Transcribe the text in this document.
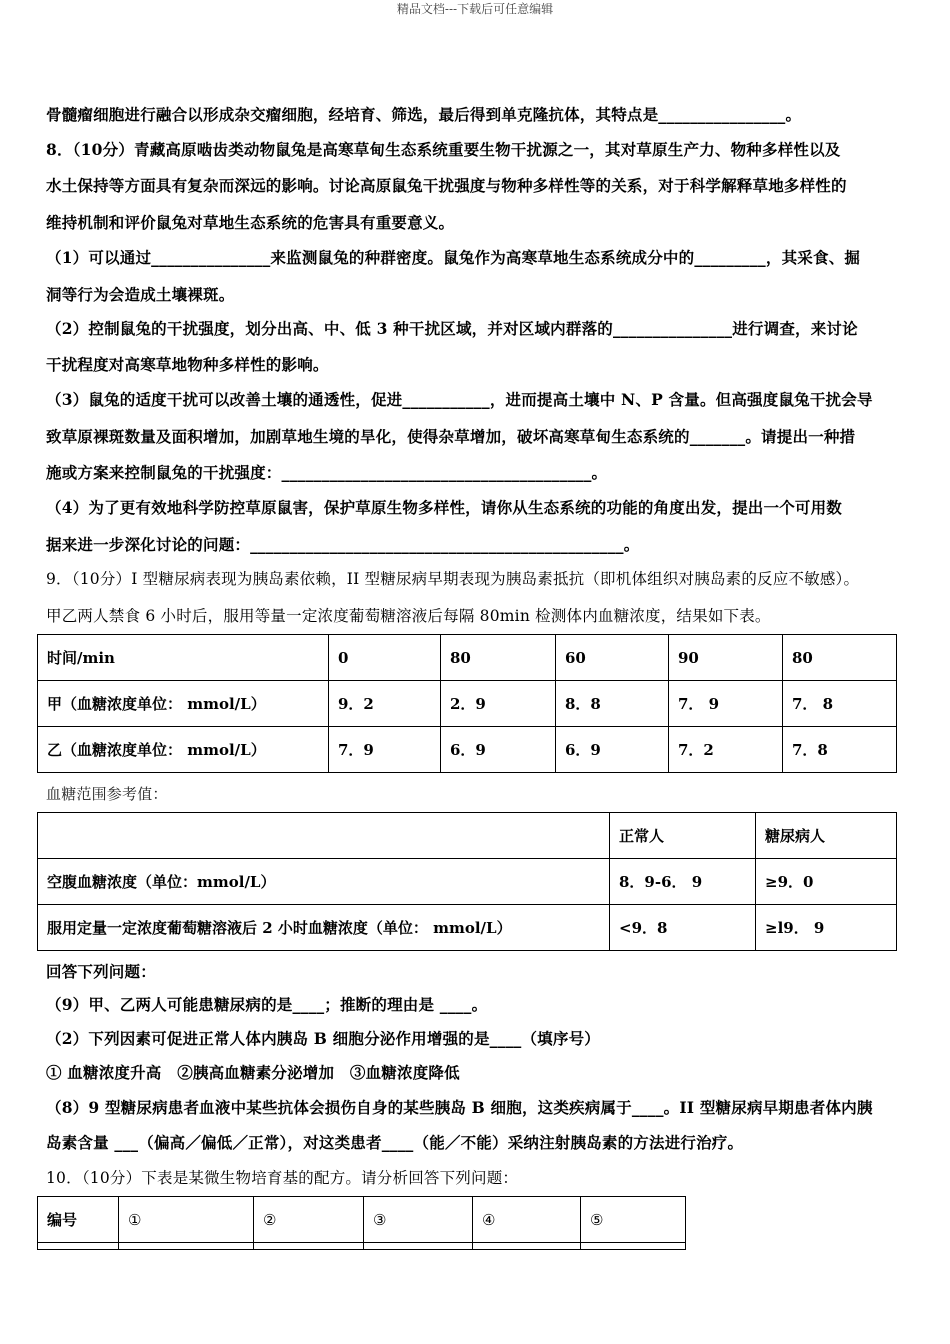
精品文档---下载后可任意编辑
骨髓瘤细胞进行融合以形成杂交瘤细胞，经培育、筛选，最后得到单克隆抗体，其特点是________________。
8．（10分）青藏高原啮齿类动物鼠兔是高寒草甸生态系统重要生物干扰源之一，其对草原生产力、物种多样性以及
水土保持等方面具有复杂而深远的影响。讨论高原鼠兔干扰强度与物种多样性等的关系，对于科学解释草地多样性的
维持机制和评价鼠兔对草地生态系统的危害具有重要意义。
（1）可以通过_______________来监测鼠兔的种群密度。鼠兔作为高寒草地生态系统成分中的_________，其采食、掘
洞等行为会造成土壤裸斑。
（2）控制鼠兔的干扰强度，划分出高、中、低 3 种干扰区域，并对区域内群落的_______________进行调查，来讨论
干扰程度对高寒草地物种多样性的影响。
（3）鼠兔的适度干扰可以改善土壤的通透性，促进___________，进而提高土壤中 N、P 含量。但高强度鼠兔干扰会导
致草原裸斑数量及面积增加，加剧草地生境的旱化，使得杂草增加，破坏高寒草甸生态系统的_______。请提出一种措
施或方案来控制鼠兔的干扰强度：_______________________________________。
（4）为了更有效地科学防控草原鼠害，保护草原生物多样性，请你从生态系统的功能的角度出发，提出一个可用数
据来进一步深化讨论的问题：_______________________________________________。
9．（10分）I 型糖尿病表现为胰岛素依赖，II 型糖尿病早期表现为胰岛素抵抗（即机体组织对胰岛素的反应不敏感）。
甲乙两人禁食 6 小时后，服用等量一定浓度葡萄糖溶液后每隔 80min 检测体内血糖浓度，结果如下表。
时间/min	0	80	60	90	80
甲（血糖浓度单位： mmol/L）	9．2	2．9	8．8	7． 9	7． 8
乙（血糖浓度单位： mmol/L）	7．9	6．9	6．9	7．2	7．8
血糖范围参考值：
	正常人	糖尿病人
空腹血糖浓度（单位：mmol/L）	8．9-6． 9	≥9．0
服用定量一定浓度葡萄糖溶液后 2 小时血糖浓度（单位： mmol/L）	<9．8	≥l9． 9
回答下列问题：
（9）甲、乙两人可能患糖尿病的是____；推断的理由是 ____。
（2）下列因素可促进正常人体内胰岛 B 细胞分泌作用增强的是____（填序号）
① 血糖浓度升高　②胰高血糖素分泌增加　③血糖浓度降低
（8）9 型糖尿病患者血液中某些抗体会损伤自身的某些胰岛 B 细胞，这类疾病属于____。II 型糖尿病早期患者体内胰
岛素含量 ___（偏高／偏低／正常），对这类患者____（能／不能）采纳注射胰岛素的方法进行治疗。
10．（10分）下表是某微生物培育基的配方。请分析回答下列问题：
编号	①	②	③	④	⑤
